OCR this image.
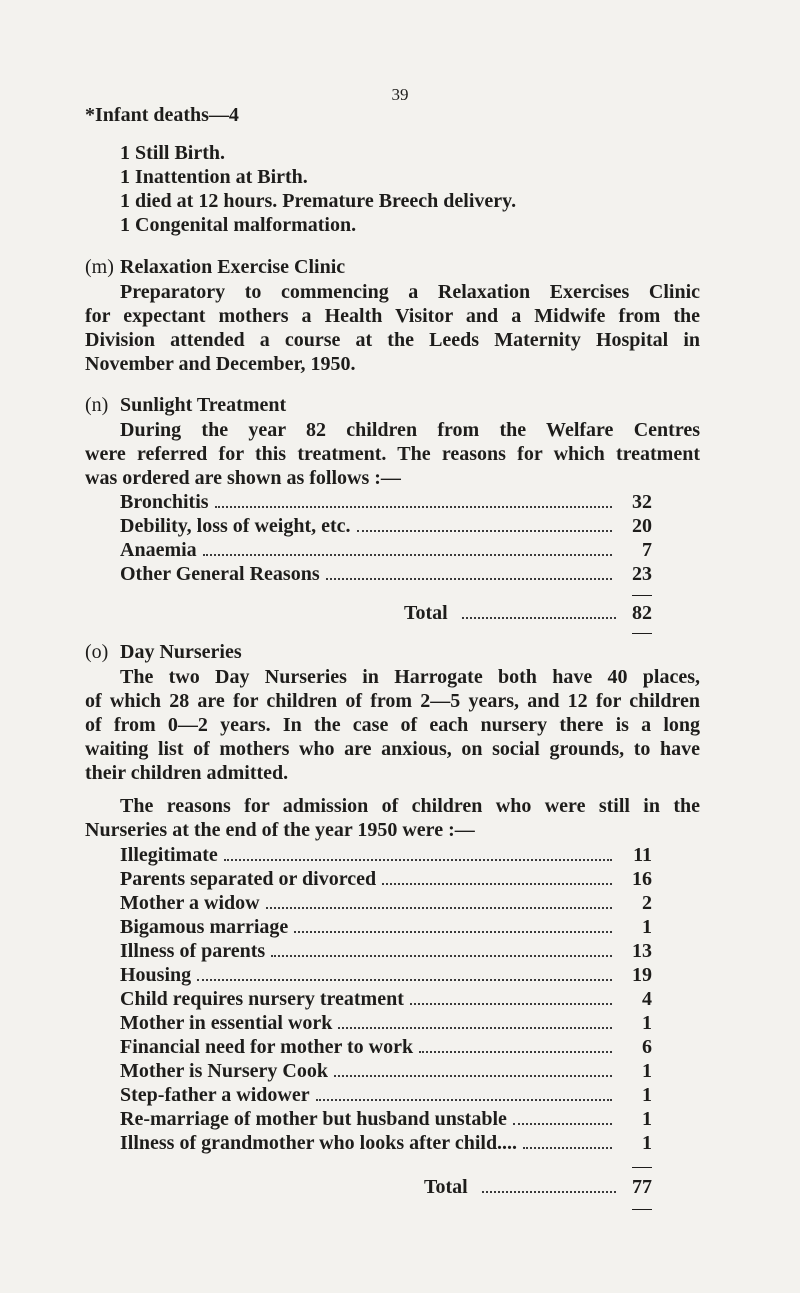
39
*Infant deaths—4
1 Still Birth.
1 Inattention at Birth.
1 died at 12 hours. Premature Breech delivery.
1 Congenital malformation.
(m) Relaxation Exercise Clinic
Preparatory to commencing a Relaxation Exercises Clinic
for expectant mothers a Health Visitor and a Midwife from the
Division attended a course at the Leeds Maternity Hospital in
November and December, 1950.
(n) Sunlight Treatment
During the year 82 children from the Welfare Centres
were referred for this treatment. The reasons for which treatment
was ordered are shown as follows :—
Bronchitis	32
Debility, loss of weight, etc.	20
Anaemia	7
Other General Reasons	23
Total	82
(o) Day Nurseries
The two Day Nurseries in Harrogate both have 40 places,
of which 28 are for children of from 2—5 years, and 12 for children
of from 0—2 years. In the case of each nursery there is a long
waiting list of mothers who are anxious, on social grounds, to have
their children admitted.
The reasons for admission of children who were still in the
Nurseries at the end of the year 1950 were :—
Illegitimate	11
Parents separated or divorced	16
Mother a widow	2
Bigamous marriage	1
Illness of parents	13
Housing	19
Child requires nursery treatment	4
Mother in essential work	1
Financial need for mother to work	6
Mother is Nursery Cook	1
Step-father a widower	1
Re-marriage of mother but husband unstable	1
Illness of grandmother who looks after child....	1
Total	77
